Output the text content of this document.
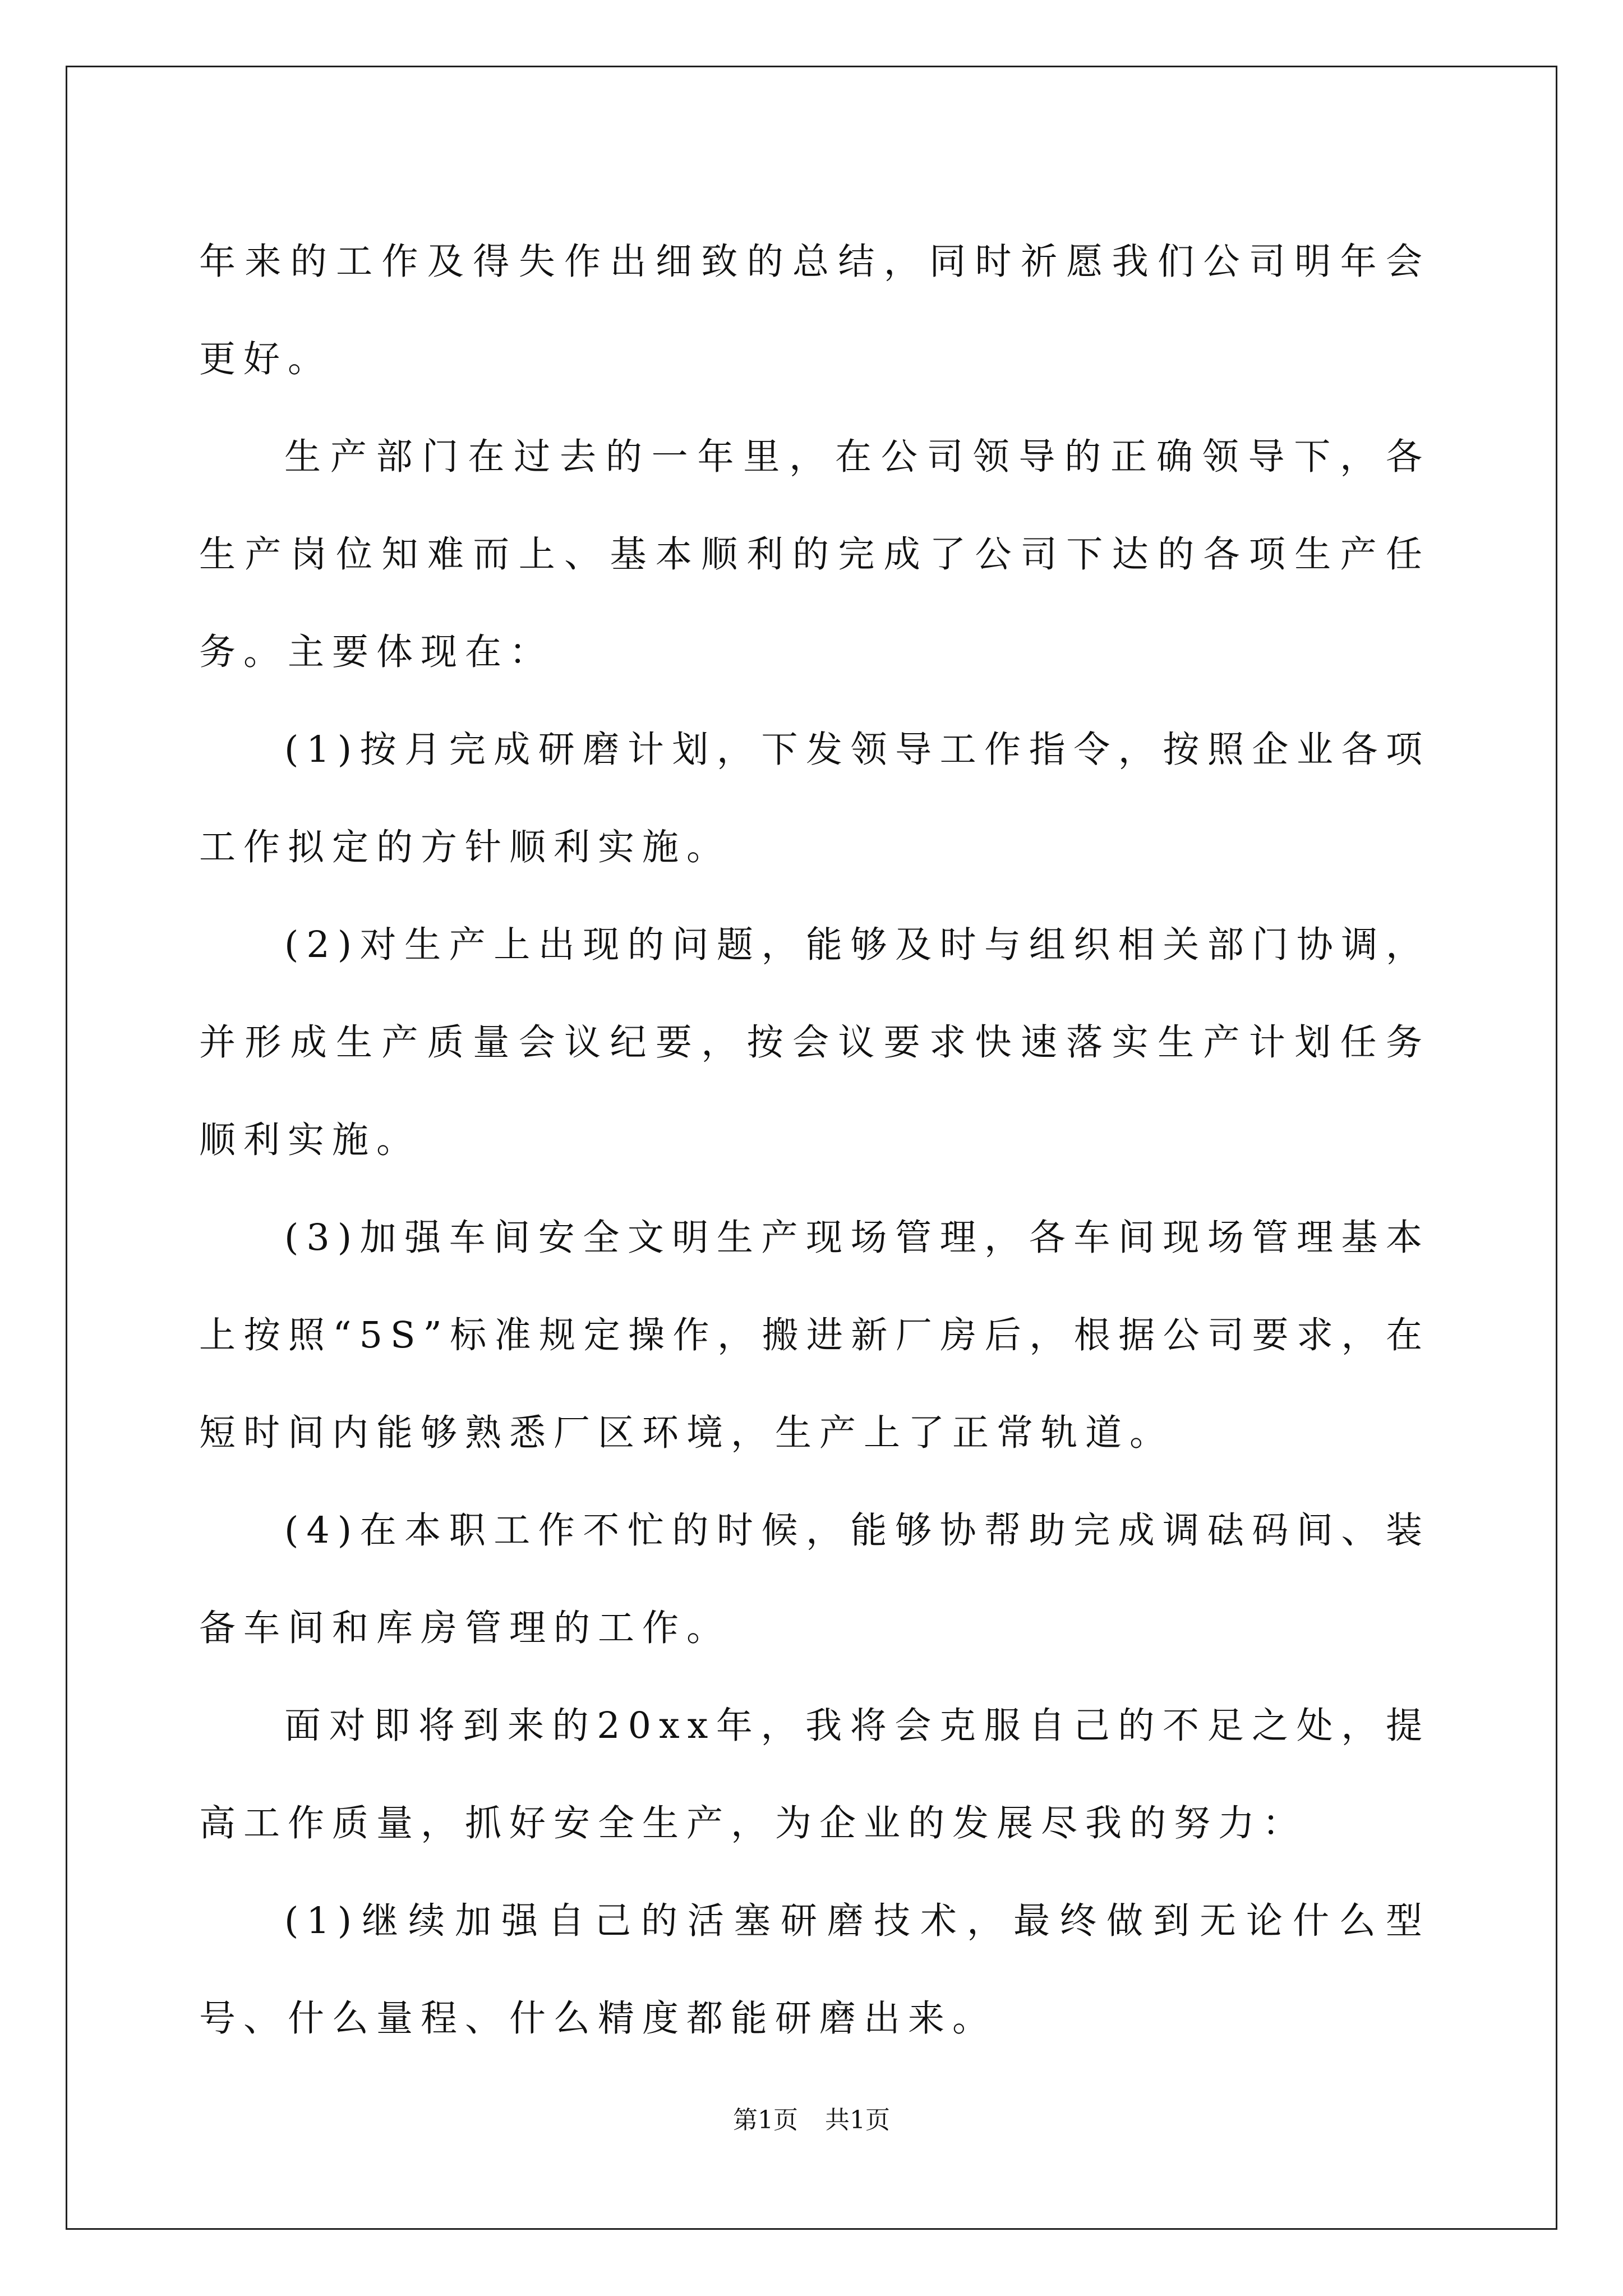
年来的工作及得失作出细致的总结，同时祈愿我们公司明年会更好。

生产部门在过去的一年里，在公司领导的正确领导下，各生产岗位知难而上、基本顺利的完成了公司下达的各项生产任务。主要体现在：

(1)按月完成研磨计划，下发领导工作指令，按照企业各项工作拟定的方针顺利实施。

(2)对生产上出现的问题，能够及时与组织相关部门协调，并形成生产质量会议纪要，按会议要求快速落实生产计划任务顺利实施。

(3)加强车间安全文明生产现场管理，各车间现场管理基本上按照“5S”标准规定操作，搬进新厂房后，根据公司要求，在短时间内能够熟悉厂区环境，生产上了正常轨道。

(4)在本职工作不忙的时候，能够协帮助完成调砝码间、装备车间和库房管理的工作。

面对即将到来的20xx年，我将会克服自己的不足之处，提高工作质量，抓好安全生产，为企业的发展尽我的努力：

(1)继续加强自己的活塞研磨技术，最终做到无论什么型号、什么量程、什么精度都能研磨出来。

第1页 共1页
